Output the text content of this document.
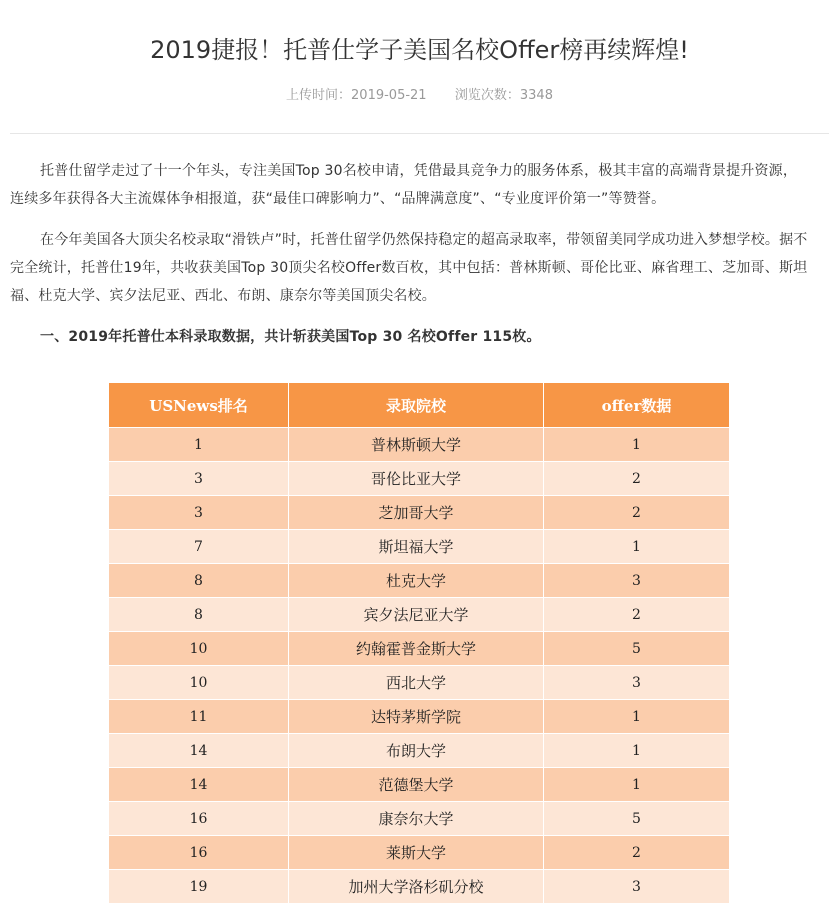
2019捷报！托普仕学子美国名校Offer榜再续辉煌!
上传时间：2019-05-21 浏览次数：3348

托普仕留学走过了十一个年头，专注美国Top 30名校申请，凭借最具竞争力的服务体系，极其丰富的高端背景提升资源，连续多年获得各大主流媒体争相报道，获“最佳口碑影响力”、“品牌满意度”、“专业度评价第一”等赞誉。

在今年美国各大顶尖名校录取“滑铁卢”时，托普仕留学仍然保持稳定的超高录取率，带领留美同学成功进入梦想学校。据不完全统计，托普仕19年，共收获美国Top 30顶尖名校Offer数百枚，其中包括：普林斯顿、哥伦比亚、麻省理工、芝加哥、斯坦福、杜克大学、宾夕法尼亚、西北、布朗、康奈尔等美国顶尖名校。

一、2019年托普仕本科录取数据，共计斩获美国Top 30 名校Offer 115枚。

USNews排名	录取院校	offer数据
1	普林斯顿大学	1
3	哥伦比亚大学	2
3	芝加哥大学	2
7	斯坦福大学	1
8	杜克大学	3
8	宾夕法尼亚大学	2
10	约翰霍普金斯大学	5
10	西北大学	3
11	达特茅斯学院	1
14	布朗大学	1
14	范德堡大学	1
16	康奈尔大学	5
16	莱斯大学	2
19	加州大学洛杉矶分校	3
